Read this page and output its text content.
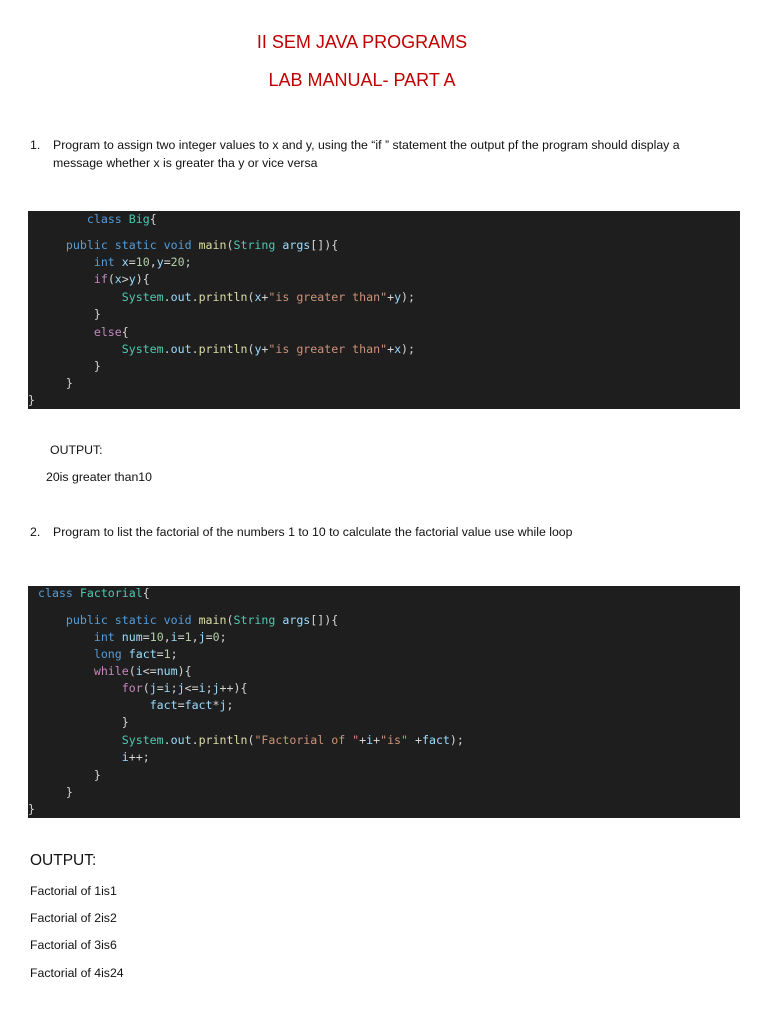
II SEM JAVA PROGRAMS
LAB MANUAL- PART A
1. Program to assign two integer values to x and y, using the “if ” statement the output pf the program should display a
message whether x is greater tha y or vice versa
class Big{
public static void main(String args[]){
int x=10,y=20;
if(x>y){
System.out.println(x+"is greater than"+y);
}
else{
System.out.println(y+"is greater than"+x);
}
}
}
OUTPUT:
20is greater than10
2. Program to list the factorial of the numbers 1 to 10 to calculate the factorial value use while loop
class Factorial{
public static void main(String args[]){
int num=10,i=1,j=0;
long fact=1;
while(i<=num){
for(j=i;j<=i;j++){
fact=fact*j;
}
System.out.println("Factorial of "+i+"is" +fact);
i++;
}
}
}
OUTPUT:
Factorial of 1is1
Factorial of 2is2
Factorial of 3is6
Factorial of 4is24
